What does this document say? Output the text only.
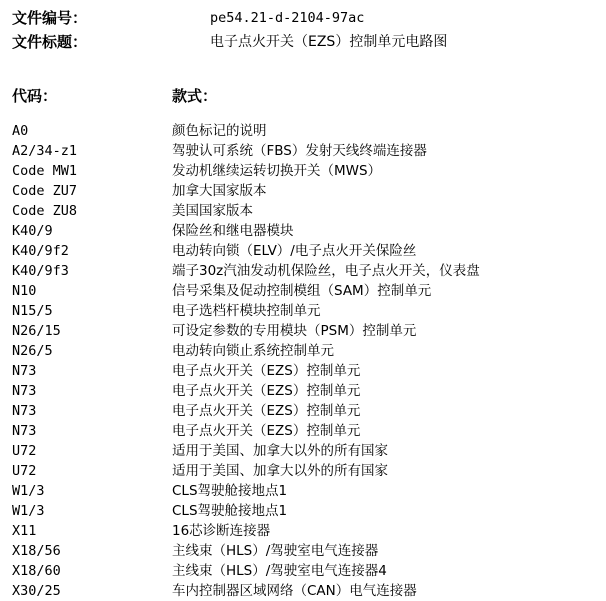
文件编号：	pe54.21-d-2104-97ac
文件标题：	电子点火开关（EZS）控制单元电路图
代码：	款式：
A0	颜色标记的说明
A2/34-z1	驾驶认可系统（FBS）发射天线终端连接器
Code MW1	发动机继续运转切换开关（MWS）
Code ZU7	加拿大国家版本
Code ZU8	美国国家版本
K40/9	保险丝和继电器模块
K40/9f2	电动转向锁（ELV）/电子点火开关保险丝
K40/9f3	端子30z汽油发动机保险丝，电子点火开关，仪表盘
N10	信号采集及促动控制模组（SAM）控制单元
N15/5	电子选档杆模块控制单元
N26/15	可设定参数的专用模块（PSM）控制单元
N26/5	电动转向锁止系统控制单元
N73	电子点火开关（EZS）控制单元
N73	电子点火开关（EZS）控制单元
N73	电子点火开关（EZS）控制单元
N73	电子点火开关（EZS）控制单元
U72	适用于美国、加拿大以外的所有国家
U72	适用于美国、加拿大以外的所有国家
W1/3	CLS驾驶舱接地点1
W1/3	CLS驾驶舱接地点1
X11	16芯诊断连接器
X18/56	主线束（HLS）/驾驶室电气连接器
X18/60	主线束（HLS）/驾驶室电气连接器4
X30/25	车内控制器区域网络（CAN）电气连接器
